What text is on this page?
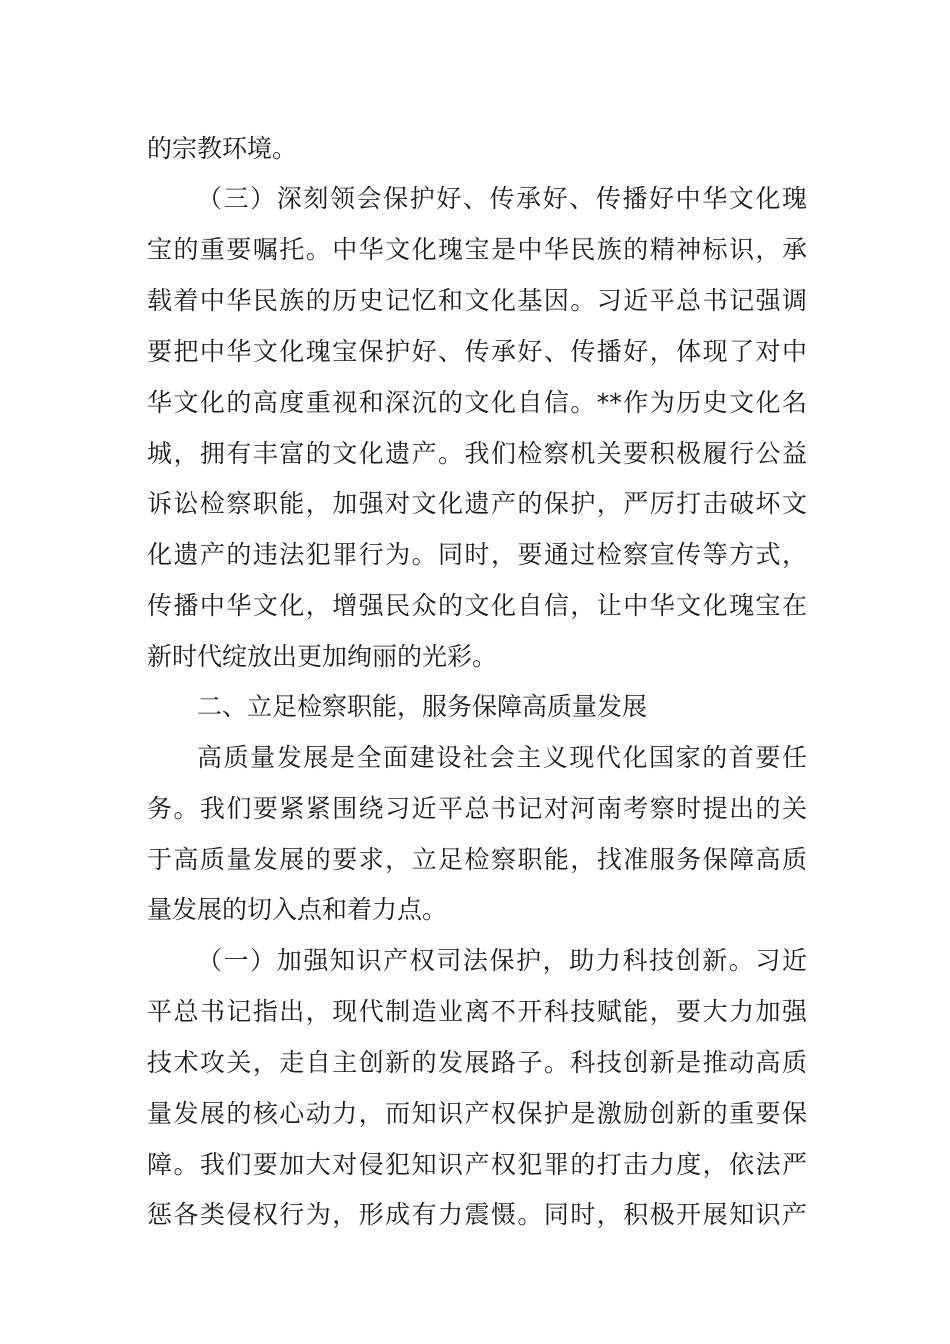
的宗教环境。
（三）深刻领会保护好、传承好、传播好中华文化瑰
宝的重要嘱托。中华文化瑰宝是中华民族的精神标识，承
载着中华民族的历史记忆和文化基因。习近平总书记强调
要把中华文化瑰宝保护好、传承好、传播好，体现了对中
华文化的高度重视和深沉的文化自信。**作为历史文化名
城，拥有丰富的文化遗产。我们检察机关要积极履行公益
诉讼检察职能，加强对文化遗产的保护，严厉打击破坏文
化遗产的违法犯罪行为。同时，要通过检察宣传等方式，
传播中华文化，增强民众的文化自信，让中华文化瑰宝在
新时代绽放出更加绚丽的光彩。
二、立足检察职能，服务保障高质量发展
高质量发展是全面建设社会主义现代化国家的首要任
务。我们要紧紧围绕习近平总书记对河南考察时提出的关
于高质量发展的要求，立足检察职能，找准服务保障高质
量发展的切入点和着力点。
（一）加强知识产权司法保护，助力科技创新。习近
平总书记指出，现代制造业离不开科技赋能，要大力加强
技术攻关，走自主创新的发展路子。科技创新是推动高质
量发展的核心动力，而知识产权保护是激励创新的重要保
障。我们要加大对侵犯知识产权犯罪的打击力度，依法严
惩各类侵权行为，形成有力震慑。同时，积极开展知识产
